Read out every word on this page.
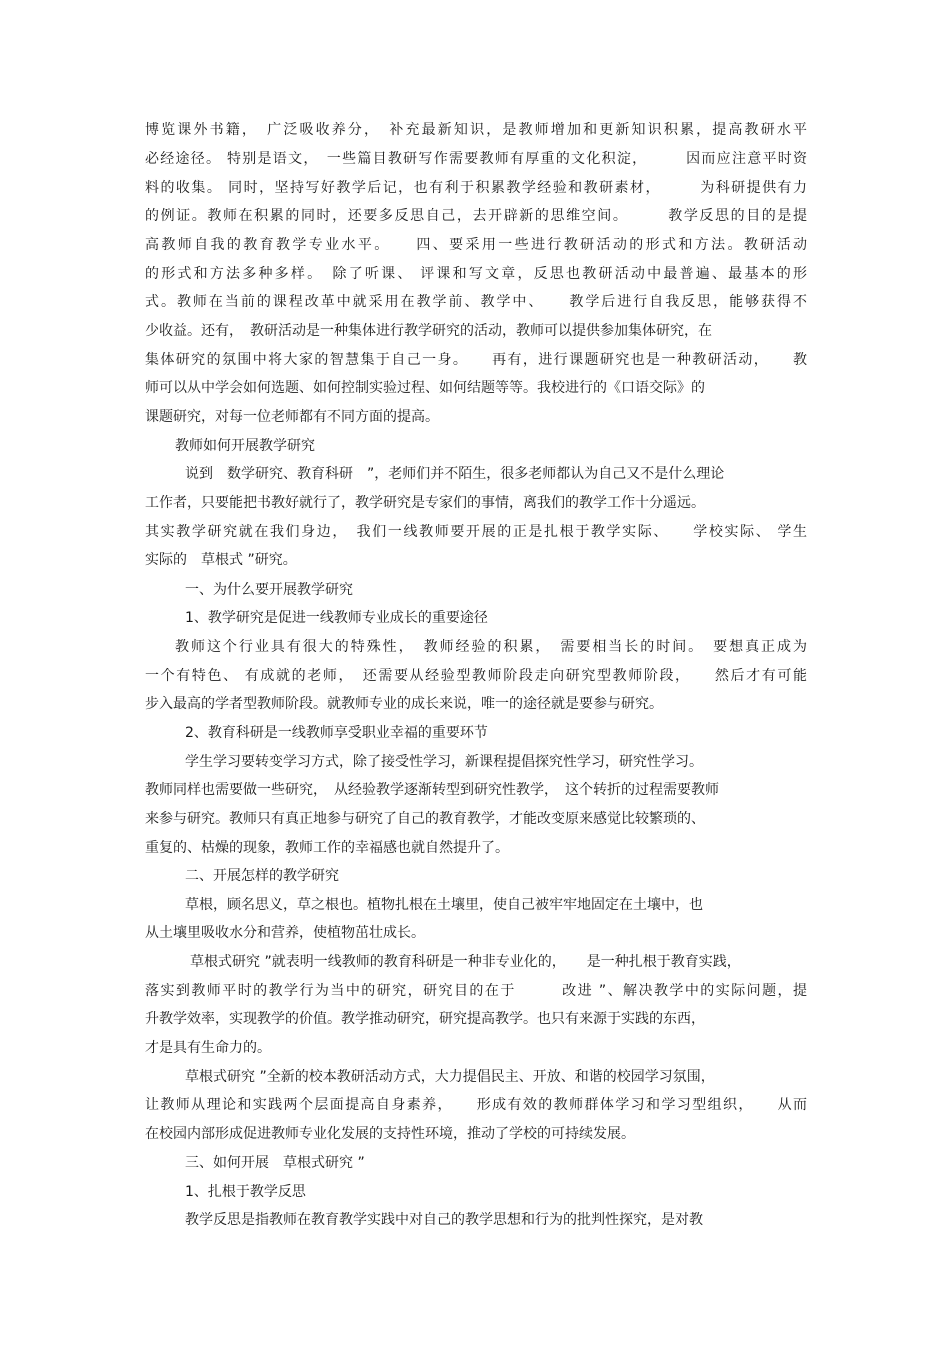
博览课外书籍，　广泛吸收养分，　补充最新知识，是教师增加和更新知识积累，提高教研水平
必经途径。 特别是语文，　一些篇目教研写作需要教师有厚重的文化积淀，　　　因而应注意平时资
料的收集。 同时，坚持写好教学后记，也有利于积累教学经验和教研素材，　　　为科研提供有力
的例证。教师在积累的同时，还要多反思自己，去开辟新的思维空间。　　　教学反思的目的是提
高教师自我的教育教学专业水平。　　四、要采用一些进行教研活动的形式和方法。教研活动
的形式和方法多种多样。　除了听课、 评课和写文章，反思也教研活动中最普遍、最基本的形
式。教师在当前的课程改革中就采用在教学前、教学中、　　教学后进行自我反思，能够获得不
少收益。还有，　教研活动是一种集体进行教学研究的活动，教师可以提供参加集体研究，在
集体研究的氛围中将大家的智慧集于自己一身。　　再有，进行课题研究也是一种教研活动，　　教
师可以从中学会如何选题、如何控制实验过程、如何结题等等。我校进行的《口语交际》的
课题研究，对每一位老师都有不同方面的提高。
教师如何开展教学研究
说到　数学研究、教育科研　”，老师们并不陌生，很多老师都认为自己又不是什么理论
工作者，只要能把书教好就行了，教学研究是专家们的事情，离我们的教学工作十分遥远。
其实教学研究就在我们身边，　我们一线教师要开展的正是扎根于教学实际、　　学校实际、 学生
实际的　草根式 ”研究。
一、为什么要开展教学研究
1、教学研究是促进一线教师专业成长的重要途径
教师这个行业具有很大的特殊性，　教师经验的积累，　需要相当长的时间。　要想真正成为
一个有特色、 有成就的老师，　还需要从经验型教师阶段走向研究型教师阶段，　　然后才有可能
步入最高的学者型教师阶段。就教师专业的成长来说，唯一的途径就是要参与研究。
2、教育科研是一线教师享受职业幸福的重要环节
学生学习要转变学习方式，除了接受性学习，新课程提倡探究性学习，研究性学习。
教师同样也需要做一些研究，　从经验教学逐渐转型到研究性教学，　这个转折的过程需要教师
来参与研究。教师只有真正地参与研究了自己的教育教学，才能改变原来感觉比较繁琐的、
重复的、枯燥的现象，教师工作的幸福感也就自然提升了。
二、开展怎样的教学研究
草根，顾名思义，草之根也。植物扎根在土壤里，使自己被牢牢地固定在土壤中，也
从土壤里吸收水分和营养，使植物茁壮成长。
草根式研究 ”就表明一线教师的教育科研是一种非专业化的，　　是一种扎根于教育实践，
落实到教师平时的教学行为当中的研究，研究目的在于　　　改进 ”、解决教学中的实际问题，提
升教学效率，实现教学的价值。教学推动研究，研究提高教学。也只有来源于实践的东西，
才是具有生命力的。
草根式研究 ”全新的校本教研活动方式，大力提倡民主、开放、和谐的校园学习氛围，
让教师从理论和实践两个层面提高自身素养，　　形成有效的教师群体学习和学习型组织，　　从而
在校园内部形成促进教师专业化发展的支持性环境，推动了学校的可持续发展。
三、如何开展　草根式研究 ”
1、扎根于教学反思
教学反思是指教师在教育教学实践中对自己的教学思想和行为的批判性探究，是对教
